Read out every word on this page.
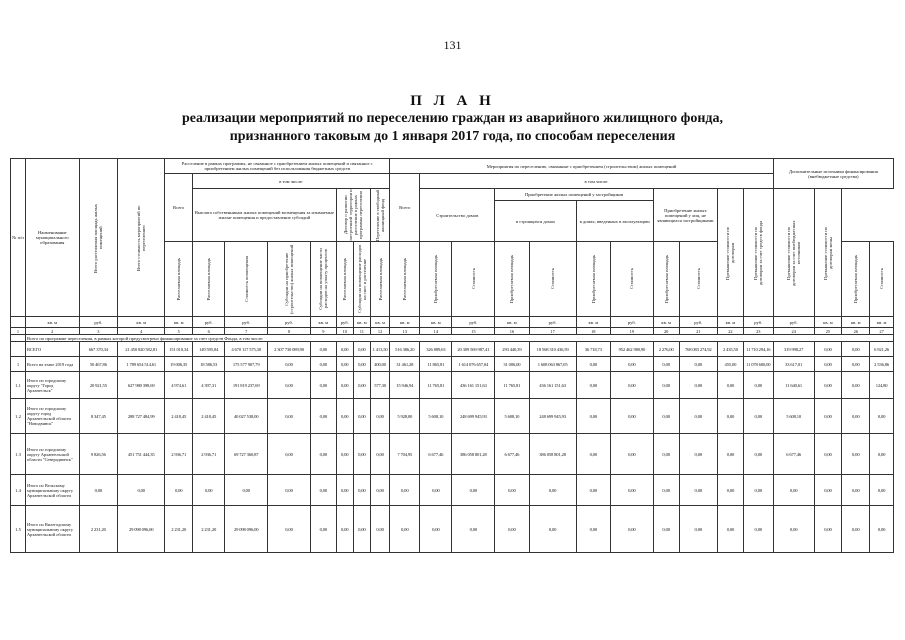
131
П Л А Н
реализации мероприятий по переселению граждан из аварийного жилищного фонда,
признанного таковым до 1 января 2017 года, по способам переселения
№ п/п	Наименование муниципального образования	Всего расселяемая площадь жилых помещений	Всего стоимость мероприятий по переселению	Расселение в рамках программы, не связанное с приобретением жилых помещений и связанное с приобретением жилых помещений без использования бюджетных средств								Мероприятия по переселению, связанные с приобретением (строительством) жилых помещений											Дополнительные источники финансирования (внебюджетные средства)			
				Всего	в том числе:							Всего	в том числе:													
					Выплата собственникам жилых помещений возмещения за изымаемые жилые помещения и предоставление субсидий				Договор о развитии застроенной территории и расселение в рамках программы переселения		Переселение в свободный жилищный фонд		Строительство домов		Приобретение жилых помещений у застройщиков				Приобретение жилых помещений у лиц, не являющихся застройщиками		Превышение стоимости по договорам	Превышение стоимости по договорам за счет средств фонда	Превышение стоимости по договорам за счет внебюджетных источников	Превышение стоимости по договорам мены		

															в строящихся домах		в домах, введенных в эксплуатацию									

				Расселяемая площадь	Расселяемая площадь	Стоимость возмещения	Субсидии на приобретение (строительство) жилых помещений	Субсидии на возмещение части расходов на уплату процентов	Расселяемая площадь	Субсидии на возмещение расходов на снос и расселение	Расселяемая площадь	Расселяемая площадь	Приобретаемая площадь	Стоимость	Приобретаемая площадь	Стоимость	Приобретаемая площадь	Стоимость	Приобретаемая площадь	Стоимость					Приобретаемая площадь	Стоимость

	кв. м	руб.	кв. м	кв. м	руб.	руб.	руб.	кв. м	руб.	кв. м	кв. м	кв. м	кв. м	руб.	кв. м	руб.	кв. м	руб.	кв. м	руб.	кв. м	руб.	руб.	кв. м	кв. м	кв. м
1	2	3	4	5	6	7	8	9	10	11	12	13	14	15	16	17	18	19	20	21	22	23	24	25	26	27
	Всего по программе переселения, в рамках которой предусмотрено финансирование за счет средств Фонда, в том числе:																									
	ВСЕГО	667 370,34	21 450 820 582,81	151 010,34	149 595,84	4 670 117 575,30	2 307 730 089,90	0,00	0,00	0,00	1 413,50	516 386,20	326 889,63	20 309 569 987,41	293 440,39	18 568 310 436,59	36 718,73	952 462 980,90	2 276,00	768 083 274,92	2 435,50	11 710 294,16	319 998,27	0,00	0,00	6 921,26
1	Всего на этапе 2019 года	50 467,86	1 789 654 514,61	19 006,35	18 586,53	175 577 907,79	0,00	0,00	0,00	0,00	400,00	31 461,28	11 865,81	1 614 076 657,04	31 006,00	1 608 063 867,05	0,00	0,00	0,00	0,00	455,00	11 078 600,00	33 617,01	0,00	0,00	2 536,86
1.1	Итого по городскому округу "Город Архангельск"	20 921,55	627 980 398,69	4 974,61	4 397,31	191 819 237,69	0,00	0,00	0,00	0,00	577,30	15 946,94	11 765,81	436 161 151,63	11 765,81	436 161 151,63	0,00	0,00	0,00	0,00	0,00	0,00	11 640,61	0,00	0,00	124,80
1.2	Итого по городскому округу город Архангельской области "Новодвинск"	8 347,45	288 727 484,99	2 418,45	2 418,45	40 027 538,00	0,00	0,00	0,00	0,00	0,00	5 928,00	5 608,10	248 699 945,93	5 608,10	248 699 945,93	0,00	0,00	0,00	0,00	0,00	0,00	5 608,10	0,00	0,00	0,00
1.3	Итого по городскому округу Архангельской области "Северодвинск"	9 826,56	451 751 444,35	2 936,71	2 936,71	69 727 360,87	0,00	0,00	0,00	0,00	0,00	7 704,95	6 677,46	386 058 801,28	6 677,46	386 058 801,28	0,00	0,00	0,00	0,00	0,00	0,00	6 677,46	0,00	0,00	0,00
1.4	Итого по Вельскому муниципальному округу Архангельской области	0,00	0,00	0,00	0,00	0,00	0,00	0,00	0,00	0,00	0,00	0,00	0,00	0,00	0,00	0,00	0,00	0,00	0,00	0,00	0,00	0,00	0,00	0,00	0,00	0,00
1.5	Итого по Вилегодскому муниципальному округу Архангельской области	2 231,20	29 098 096,00	2 231,20	2 231,20	29 098 096,00	0,00	0,00	0,00	0,00	0,00	0,00	0,00	0,00	0,00	0,00	0,00	0,00	0,00	0,00	0,00	0,00	0,00	0,00	0,00	0,00
